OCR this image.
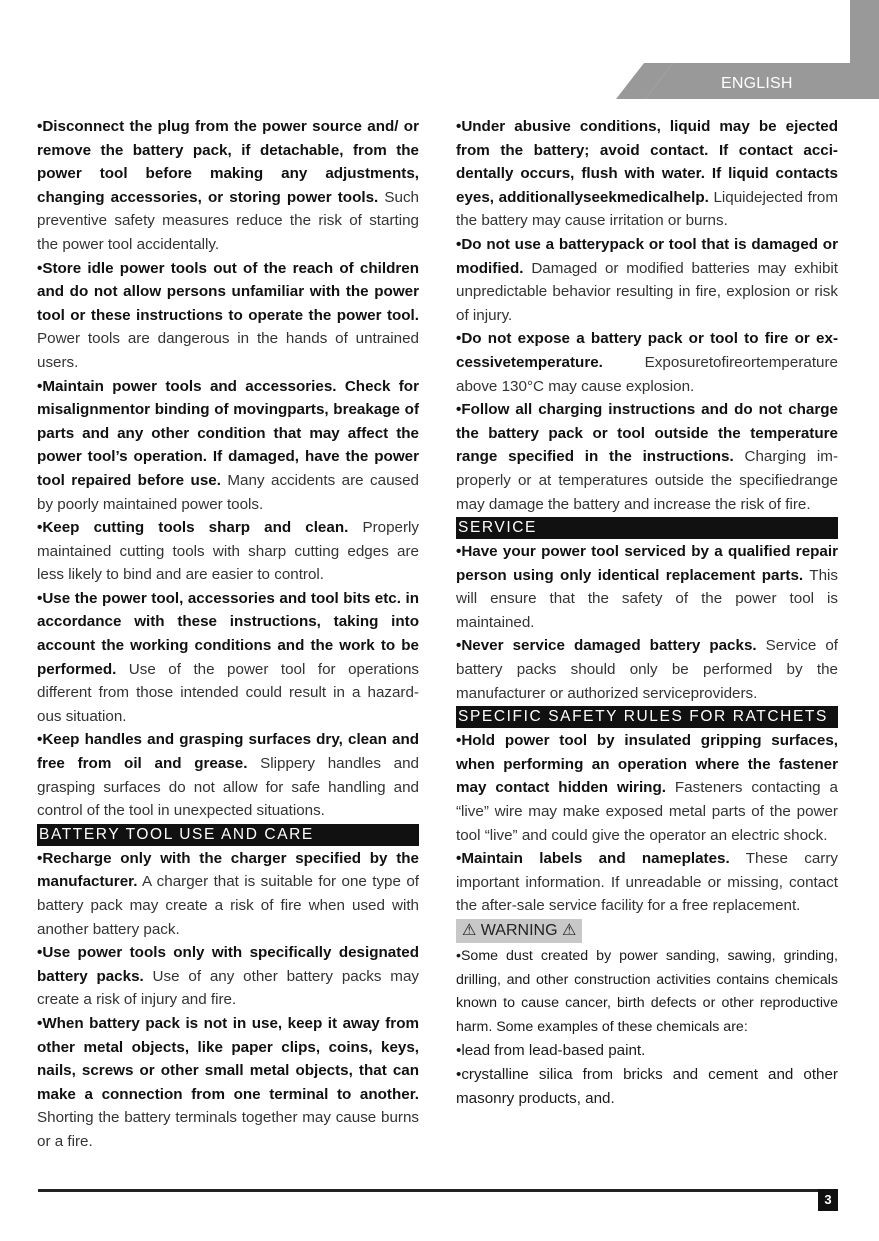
ENGLISH

•Disconnect the plug from the power source and/ or remove the battery pack, if detachable, from the power tool before making any adjustments, changing accessories, or storing power tools. Such preventive safety measures reduce the risk of starting the power tool accidentally.

•Store idle power tools out of the reach of children and do not allow persons unfamiliar with the power tool or these instructions to operate the power tool. Power tools are dangerous in the hands of untrained users.

•Maintain power tools and accessories. Check for misalignmentor binding of movingparts, breakage of parts and any other condition that may affect the power tool’s operation. If damaged, have the power tool repaired before use. Many accidents are caused by poorly maintained power tools.

•Keep cutting tools sharp and clean. Properly maintained cutting tools with sharp cutting edges are less likely to bind and are easier to control.

•Use the power tool, accessories and tool bits etc. in accordance with these instructions, taking into account the working conditions and the work to be performed. Use of the power tool for operations different from those intended could result in a hazard-ous situation.

•Keep handles and grasping surfaces dry, clean and free from oil and grease. Slippery handles and grasping surfaces do not allow for safe handling and control of the tool in unexpected situations.

BATTERY TOOL USE AND CARE

•Recharge only with the charger specified by the manufacturer. A charger that is suitable for one type of battery pack may create a risk of fire when used with another battery pack.

•Use power tools only with specifically designated battery packs. Use of any other battery packs may create a risk of injury and fire.

•When battery pack is not in use, keep it away from other metal objects, like paper clips, coins, keys, nails, screws or other small metal objects, that can make a connection from one terminal to another. Shorting the battery terminals together may cause burns or a fire.

•Under abusive conditions, liquid may be ejected from the battery; avoid contact. If contact acci-dentally occurs, flush with water. If liquid contacts eyes, additionallyseekmedicalhelp. Liquidejected from the battery may cause irritation or burns.

•Do not use a batterypack or tool that is damaged or modified. Damaged or modified batteries may exhibit unpredictable behavior resulting in fire, explosion or risk of injury.

•Do not expose a battery pack or tool to fire or ex-cessivetemperature. Exposuretofireortemperature above 130°C may cause explosion.

•Follow all charging instructions and do not charge the battery pack or tool outside the temperature range specified in the instructions. Charging im-properly or at temperatures outside the specifiedrange may damage the battery and increase the risk of fire.

SERVICE

•Have your power tool serviced by a qualified repair person using only identical replacement parts. This will ensure that the safety of the power tool is maintained.

•Never service damaged battery packs. Service of battery packs should only be performed by the manufacturer or authorized serviceproviders.

SPECIFIC SAFETY RULES FOR RATCHETS

•Hold power tool by insulated gripping surfaces, when performing an operation where the fastener may contact hidden wiring. Fasteners contacting a “live” wire may make exposed metal parts of the power tool “live” and could give the operator an electric shock.

•Maintain labels and nameplates. These carry important information. If unreadable or missing, contact the after-sale service facility for a free replacement.

⚠ WARNING ⚠

•Some dust created by power sanding, sawing, grinding, drilling, and other construction activities contains chemicals known to cause cancer, birth defects or other reproductive harm. Some examples of these chemicals are:

•lead from lead-based paint.

•crystalline silica from bricks and cement and other masonry products, and.

3
